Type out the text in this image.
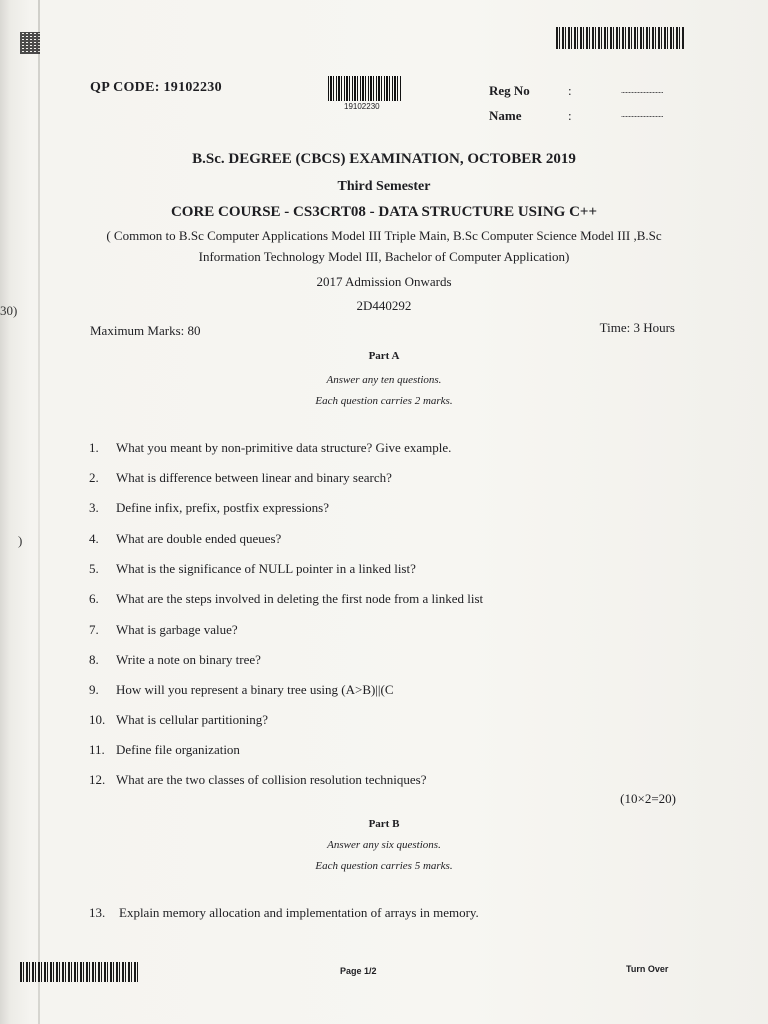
30)
)
QP CODE: 19102230
19102230
Reg No	:	............................
Name	:	............................
B.Sc. DEGREE (CBCS) EXAMINATION, OCTOBER 2019
Third Semester
CORE COURSE - CS3CRT08 - DATA STRUCTURE USING C++
( Common to B.Sc Computer Applications Model III Triple Main, B.Sc Computer Science Model III ,B.Sc
Information Technology Model III, Bachelor of Computer Application)
2017 Admission Onwards
2D440292
Maximum Marks: 80	Time: 3 Hours
Part A
Answer any ten questions.
Each question carries 2 marks.
1. What you meant by non-primitive data structure? Give example.
2. What is difference between linear and binary search?
3. Define infix, prefix, postfix expressions?
4. What are double ended queues?
5. What is the significance of NULL pointer in a linked list?
6. What are the steps involved in deleting the first node from a linked list
7. What is garbage value?
8. Write a note on binary tree?
9. How will you represent a binary tree using (A>B)||(C
10. What is cellular partitioning?
11. Define file organization
12. What are the two classes of collision resolution techniques?
(10×2=20)
Part B
Answer any six questions.
Each question carries 5 marks.
13. Explain memory allocation and implementation of arrays in memory.
Page 1/2	Turn Over
